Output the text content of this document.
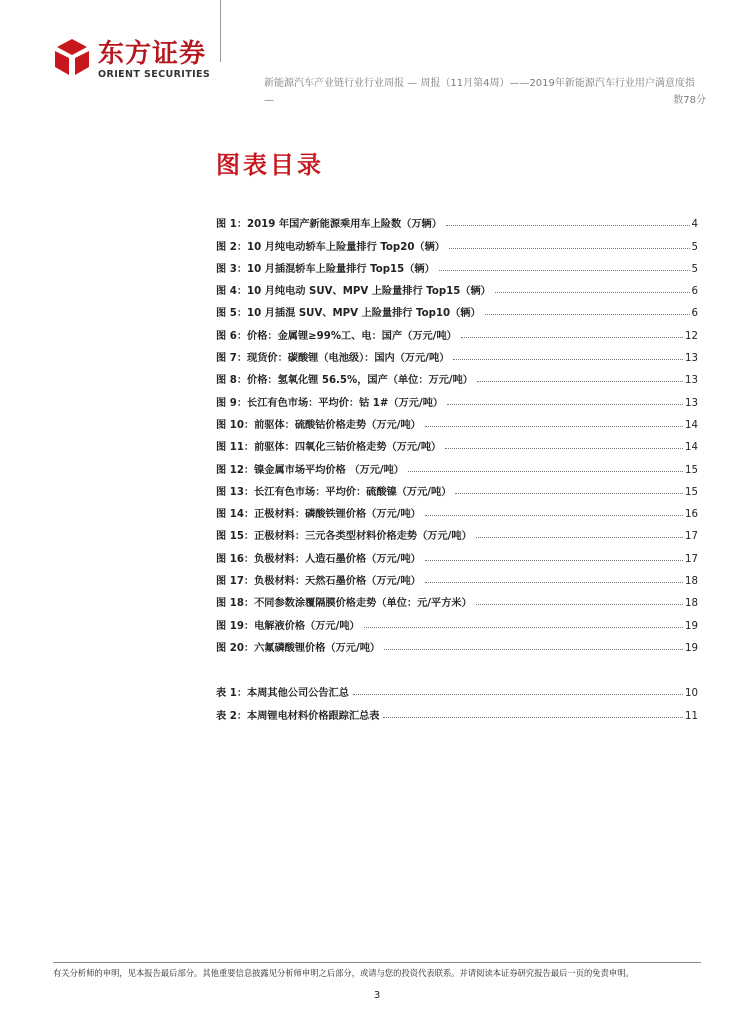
东方证券
ORIENT SECURITIES
新能源汽车产业链行业行业周报 — 周报（11月第4周）——2019年新能源汽车行业用户满意度指
—	数78分
图表目录
图 1：2019 年国产新能源乘用车上险数（万辆）	4
图 2：10 月纯电动轿车上险量排行 Top20（辆）	5
图 3：10 月插混轿车上险量排行 Top15（辆）	5
图 4：10 月纯电动 SUV、MPV 上险量排行 Top15（辆）	6
图 5：10 月插混 SUV、MPV 上险量排行 Top10（辆）	6
图 6：价格：金属锂≥99%工、电：国产（万元/吨）	12
图 7：现货价：碳酸锂（电池级）：国内（万元/吨）	13
图 8：价格：氢氧化锂 56.5%，国产（单位：万元/吨）	13
图 9：长江有色市场：平均价：钴 1#（万元/吨）	13
图 10：前驱体：硫酸钴价格走势（万元/吨）	14
图 11：前驱体：四氧化三钴价格走势（万元/吨）	14
图 12：镍金属市场平均价格 （万元/吨）	15
图 13：长江有色市场：平均价：硫酸镍（万元/吨）	15
图 14：正极材料：磷酸铁锂价格（万元/吨）	16
图 15：正极材料：三元各类型材料价格走势（万元/吨）	17
图 16：负极材料：人造石墨价格（万元/吨）	17
图 17：负极材料：天然石墨价格（万元/吨）	18
图 18：不同参数涂覆隔膜价格走势（单位：元/平方米）	18
图 19：电解液价格（万元/吨）	19
图 20：六氟磷酸锂价格（万元/吨）	19
表 1：本周其他公司公告汇总	10
表 2：本周锂电材料价格跟踪汇总表	11
有关分析师的申明，见本报告最后部分。其他重要信息披露见分析师申明之后部分，或请与您的投资代表联系。并请阅读本证券研究报告最后一页的免责申明。
3
